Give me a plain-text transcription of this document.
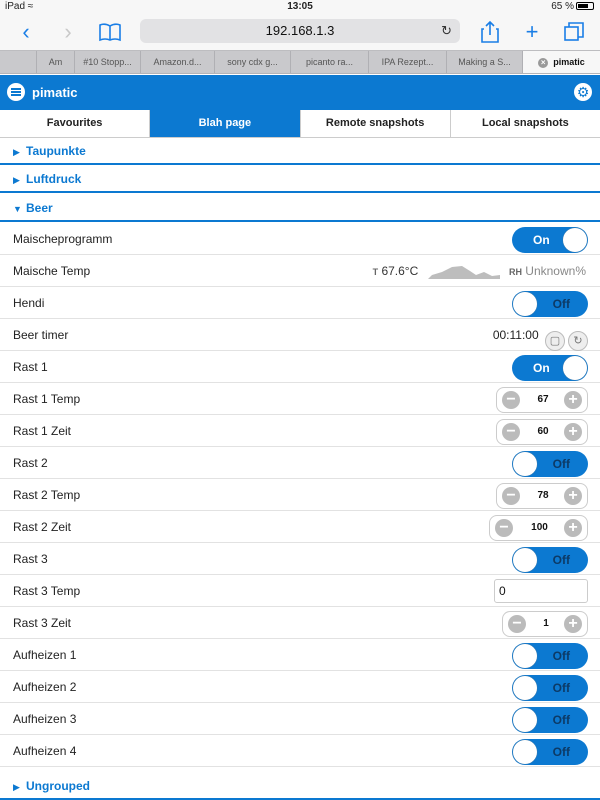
iPad ≈	13:05	65 %
‹	›	192.168.1.3	↻	+
Am	#10 Stopp...	Amazon.d...	sony cdx g...	picanto ra...	IPA Rezept...	Making a S...	× pimatic
pimatic	⚙
Favourites	Blah page	Remote snapshots	Local snapshots
▶ Taupunkte
▶ Luftdruck
▼ Beer
Maischeprogramm	On
Maische Temp	T 67.6°C	RH Unknown%
Hendi	Off
Beer timer	00:11:00 ▢ ↻
Rast 1	On
Rast 1 Temp	−	67	+
Rast 1 Zeit	−	60	+
Rast 2	Off
Rast 2 Temp	−	78	+
Rast 2 Zeit	−	100	+
Rast 3	Off
Rast 3 Temp	0
Rast 3 Zeit	−	1	+
Aufheizen 1	Off
Aufheizen 2	Off
Aufheizen 3	Off
Aufheizen 4	Off
▶ Ungrouped
